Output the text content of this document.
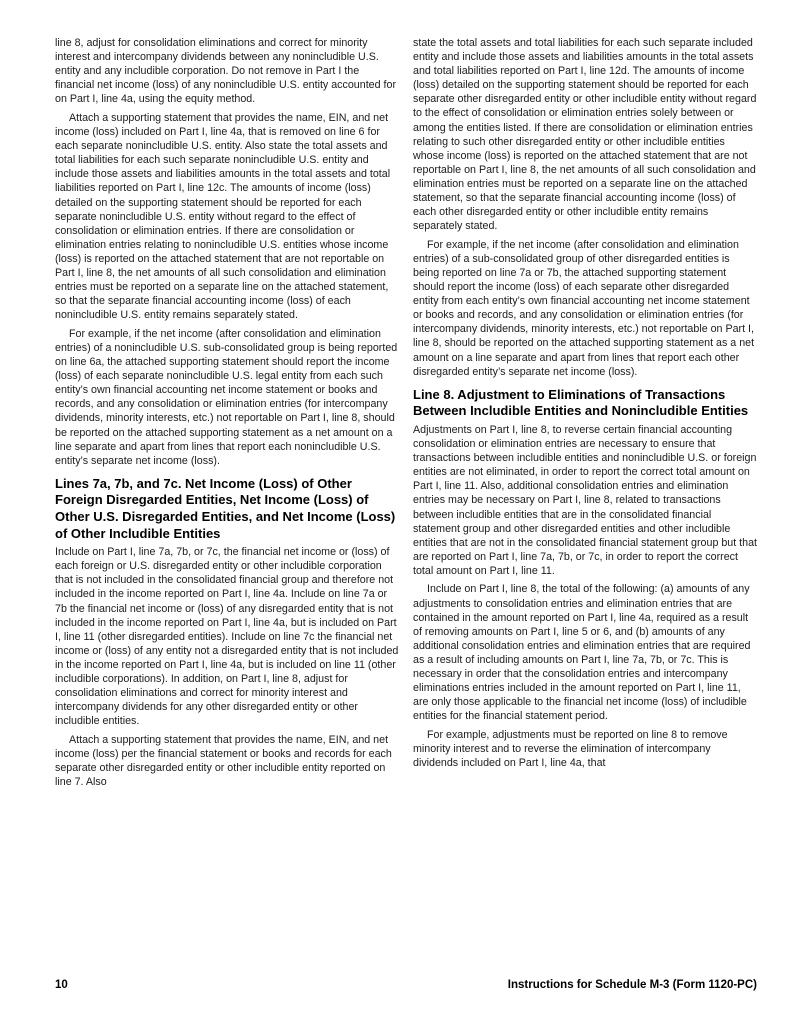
line 8, adjust for consolidation eliminations and correct for minority interest and intercompany dividends between any nonincludible U.S. entity and any includible corporation. Do not remove in Part I the financial net income (loss) of any nonincludible U.S. entity accounted for on Part I, line 4a, using the equity method.

Attach a supporting statement that provides the name, EIN, and net income (loss) included on Part I, line 4a, that is removed on line 6 for each separate nonincludible U.S. entity. Also state the total assets and total liabilities for each such separate nonincludible U.S. entity and include those assets and liabilities amounts in the total assets and total liabilities reported on Part I, line 12c. The amounts of income (loss) detailed on the supporting statement should be reported for each separate nonincludible U.S. entity without regard to the effect of consolidation or elimination entries. If there are consolidation or elimination entries relating to nonincludible U.S. entities whose income (loss) is reported on the attached statement that are not reportable on Part I, line 8, the net amounts of all such consolidation and elimination entries must be reported on a separate line on the attached statement, so that the separate financial accounting income (loss) of each nonincludible U.S. entity remains separately stated.

For example, if the net income (after consolidation and elimination entries) of a nonincludible U.S. sub-consolidated group is being reported on line 6a, the attached supporting statement should report the income (loss) of each separate nonincludible U.S. legal entity from each such entity’s own financial accounting net income statement or books and records, and any consolidation or elimination entries (for intercompany dividends, minority interests, etc.) not reportable on Part I, line 8, should be reported on the attached supporting statement as a net amount on a line separate and apart from lines that report each nonincludible U.S. entity’s separate net income (loss).

Lines 7a, 7b, and 7c. Net Income (Loss) of Other Foreign Disregarded Entities, Net Income (Loss) of Other U.S. Disregarded Entities, and Net Income (Loss) of Other Includible Entities

Include on Part I, line 7a, 7b, or 7c, the financial net income or (loss) of each foreign or U.S. disregarded entity or other includible corporation that is not included in the consolidated financial group and therefore not included in the income reported on Part I, line 4a. Include on line 7a or 7b the financial net income or (loss) of any disregarded entity that is not included in the income reported on Part I, line 4a, but is included on Part I, line 11 (other disregarded entities). Include on line 7c the financial net income or (loss) of any entity not a disregarded entity that is not included in the income reported on Part I, line 4a, but is included on line 11 (other includible corporations). In addition, on Part I, line 8, adjust for consolidation eliminations and correct for minority interest and intercompany dividends for any other disregarded entity or other includible entities.

Attach a supporting statement that provides the name, EIN, and net income (loss) per the financial statement or books and records for each separate other disregarded entity or other includible entity reported on line 7. Also

state the total assets and total liabilities for each such separate included entity and include those assets and liabilities amounts in the total assets and total liabilities reported on Part I, line 12d. The amounts of income (loss) detailed on the supporting statement should be reported for each separate other disregarded entity or other includible entity without regard to the effect of consolidation or elimination entries solely between or among the entities listed. If there are consolidation or elimination entries relating to such other disregarded entity or other includible entities whose income (loss) is reported on the attached statement that are not reportable on Part I, line 8, the net amounts of all such consolidation and elimination entries must be reported on a separate line on the attached statement, so that the separate financial accounting income (loss) of each other disregarded entity or other includible entity remains separately stated.

For example, if the net income (after consolidation and elimination entries) of a sub-consolidated group of other disregarded entities is being reported on line 7a or 7b, the attached supporting statement should report the income (loss) of each separate other disregarded entity from each entity’s own financial accounting net income statement or books and records, and any consolidation or elimination entries (for intercompany dividends, minority interests, etc.) not reportable on Part I, line 8, should be reported on the attached supporting statement as a net amount on a line separate and apart from lines that report each other disregarded entity’s separate net income (loss).

Line 8. Adjustment to Eliminations of Transactions Between Includible Entities and Nonincludible Entities

Adjustments on Part I, line 8, to reverse certain financial accounting consolidation or elimination entries are necessary to ensure that transactions between includible entities and nonincludible U.S. or foreign entities are not eliminated, in order to report the correct total amount on Part I, line 11. Also, additional consolidation entries and elimination entries may be necessary on Part I, line 8, related to transactions between includible entities that are in the consolidated financial statement group and other disregarded entities and other includible entities that are not in the consolidated financial statement group but that are reported on Part I, line 7a, 7b, or 7c, in order to report the correct total amount on Part I, line 11.

Include on Part I, line 8, the total of the following: (a) amounts of any adjustments to consolidation entries and elimination entries that are contained in the amount reported on Part I, line 4a, required as a result of removing amounts on Part I, line 5 or 6, and (b) amounts of any additional consolidation entries and elimination entries that are required as a result of including amounts on Part I, line 7a, 7b, or 7c. This is necessary in order that the consolidation entries and intercompany eliminations entries included in the amount reported on Part I, line 11, are only those applicable to the financial net income (loss) of includible entities for the financial statement period.

For example, adjustments must be reported on line 8 to remove minority interest and to reverse the elimination of intercompany dividends included on Part I, line 4a, that

10	Instructions for Schedule M-3 (Form 1120-PC)
